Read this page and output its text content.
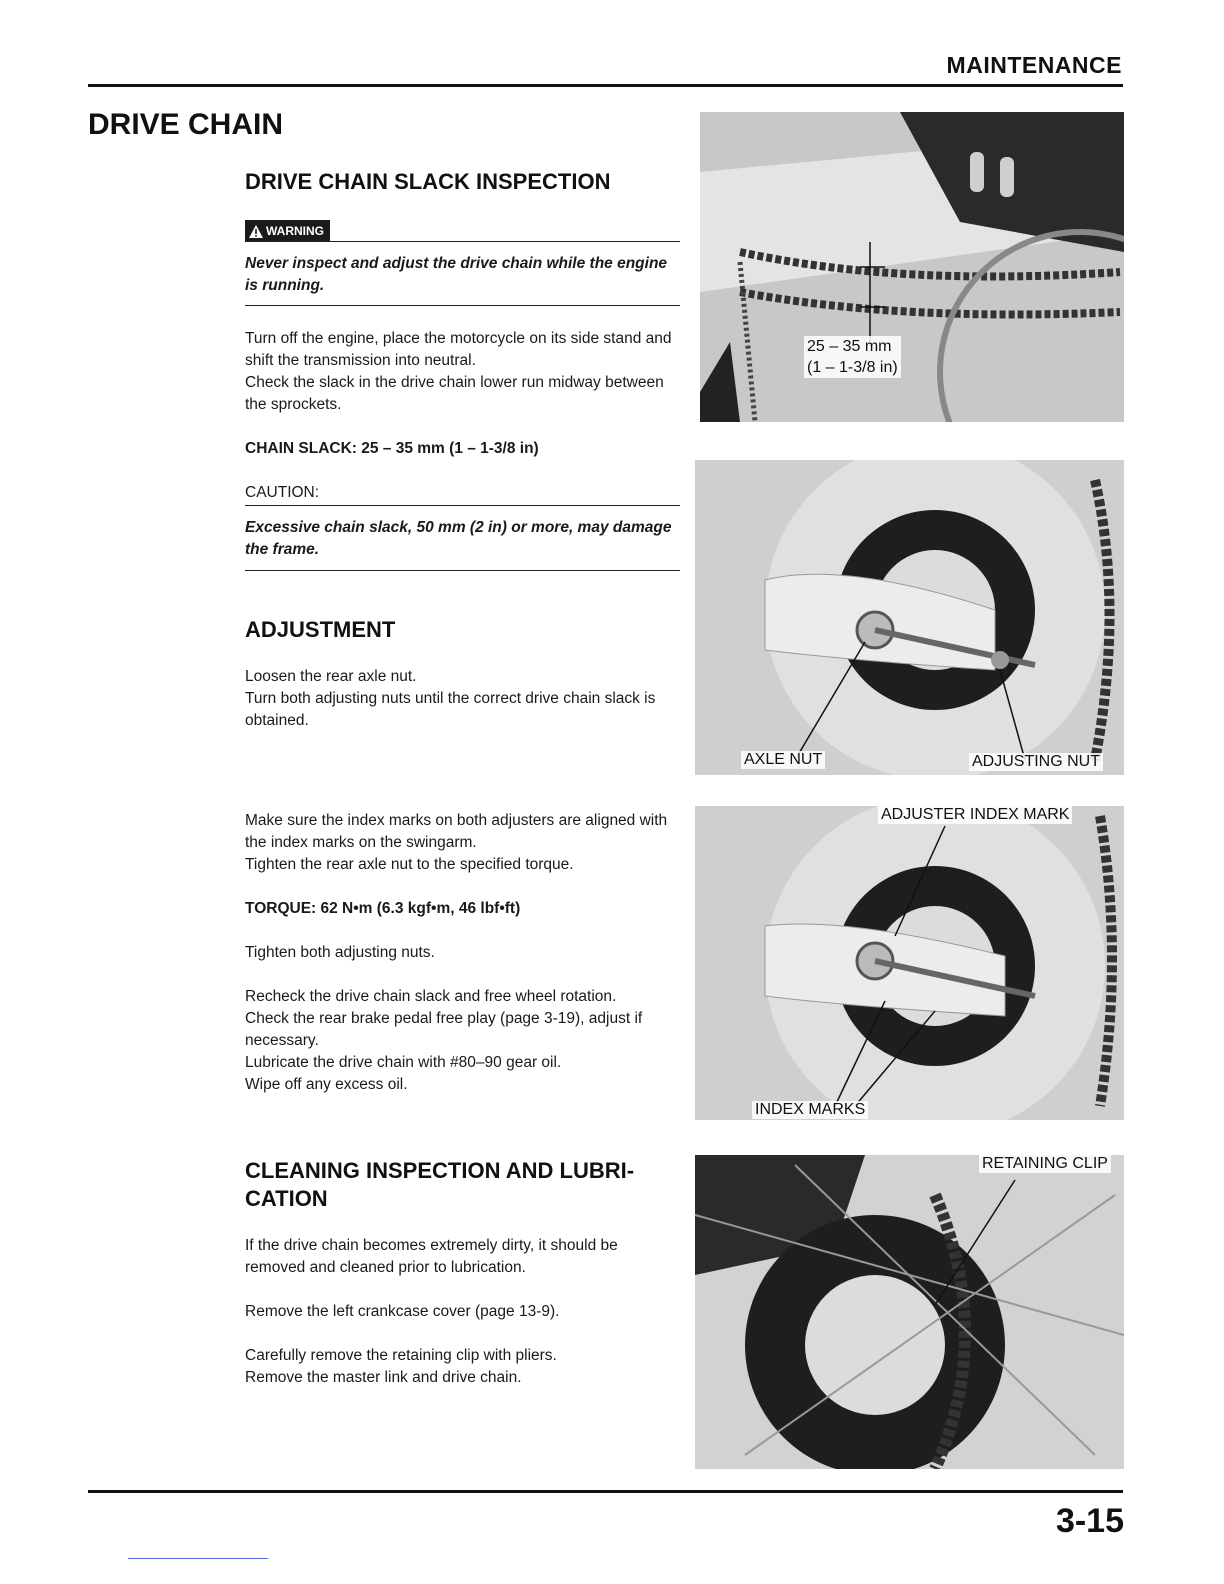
MAINTENANCE
DRIVE CHAIN
DRIVE CHAIN SLACK INSPECTION
WARNING
Never inspect and adjust the drive chain while the engine is running.
Turn off the engine, place the motorcycle on its side stand and shift the transmission into neutral.
Check the slack in the drive chain lower run midway between the sprockets.
CHAIN SLACK: 25 – 35 mm (1 – 1-3/8 in)
CAUTION:
Excessive chain slack, 50 mm (2 in) or more, may damage the frame.
ADJUSTMENT
Loosen the rear axle nut.
Turn both adjusting nuts until the correct drive chain slack is obtained.
Make sure the index marks on both adjusters are aligned with the index marks on the swingarm.
Tighten the rear axle nut to the specified torque.
TORQUE: 62 N•m (6.3 kgf•m, 46 lbf•ft)
Tighten both adjusting nuts.
Recheck the drive chain slack and free wheel rotation.
Check the rear brake pedal free play (page 3-19), adjust if necessary.
Lubricate the drive chain with #80–90 gear oil.
Wipe off any excess oil.
CLEANING INSPECTION AND LUBRI-
CATION
If the drive chain becomes extremely dirty, it should be removed and cleaned prior to lubrication.
Remove the left crankcase cover (page 13-9).
Carefully remove the retaining clip with pliers.
Remove the master link and drive chain.
25 – 35 mm
(1 – 1-3/8 in)
AXLE NUT	ADJUSTING NUT
ADJUSTER INDEX MARK
INDEX MARKS
RETAINING CLIP
3-15
